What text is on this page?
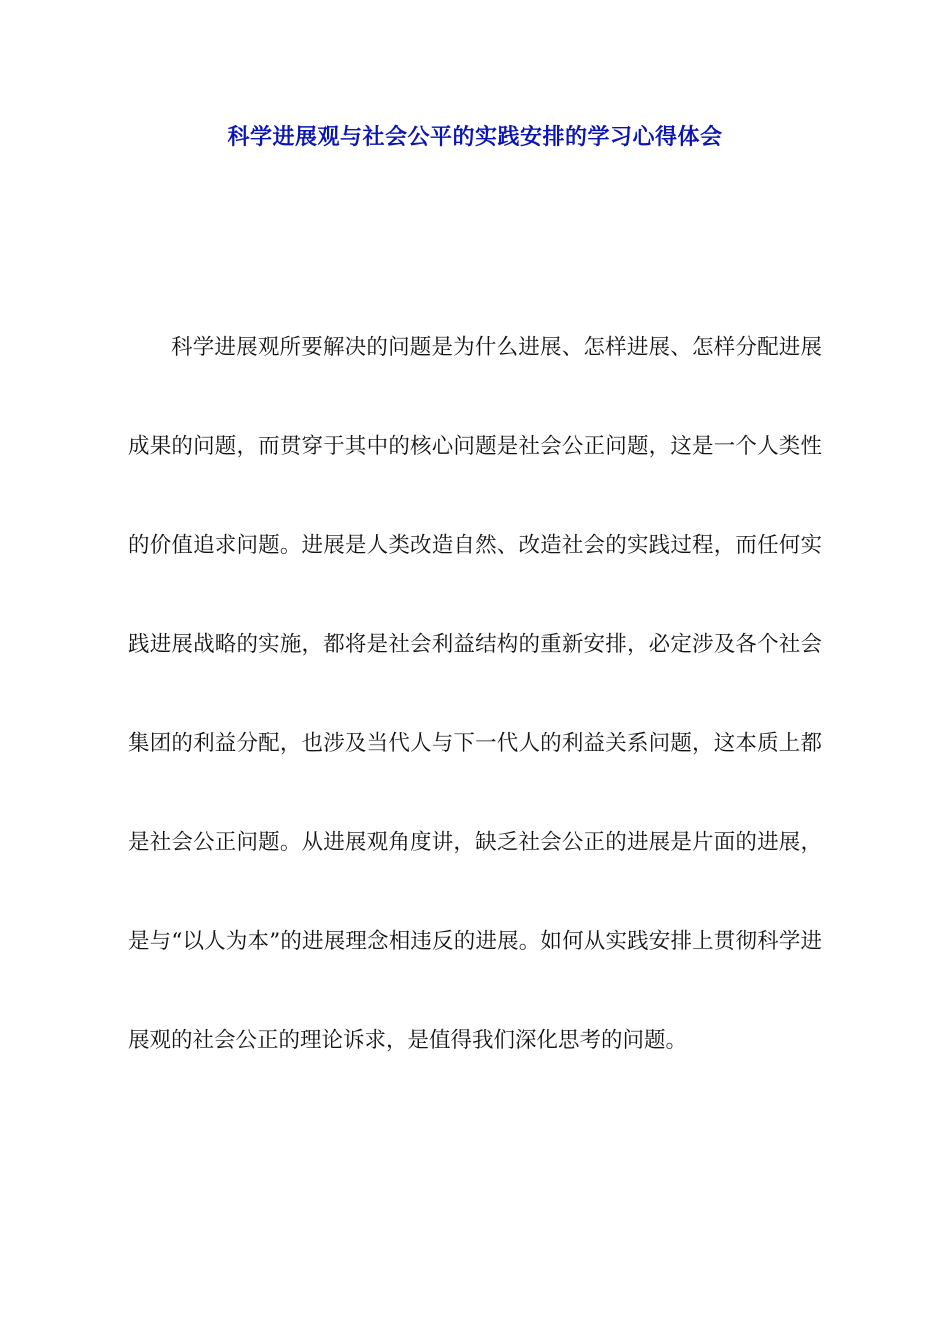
科学进展观与社会公平的实践安排的学习心得体会

科学进展观所要解决的问题是为什么进展、怎样进展、怎样分配进展成果的问题，而贯穿于其中的核心问题是社会公正问题，这是一个人类性的价值追求问题。进展是人类改造自然、改造社会的实践过程，而任何实践进展战略的实施，都将是社会利益结构的重新安排，必定涉及各个社会集团的利益分配，也涉及当代人与下一代人的利益关系问题，这本质上都是社会公正问题。从进展观角度讲，缺乏社会公正的进展是片面的进展，是与“以人为本”的进展理念相违反的进展。如何从实践安排上贯彻科学进展观的社会公正的理论诉求，是值得我们深化思考的问题。
